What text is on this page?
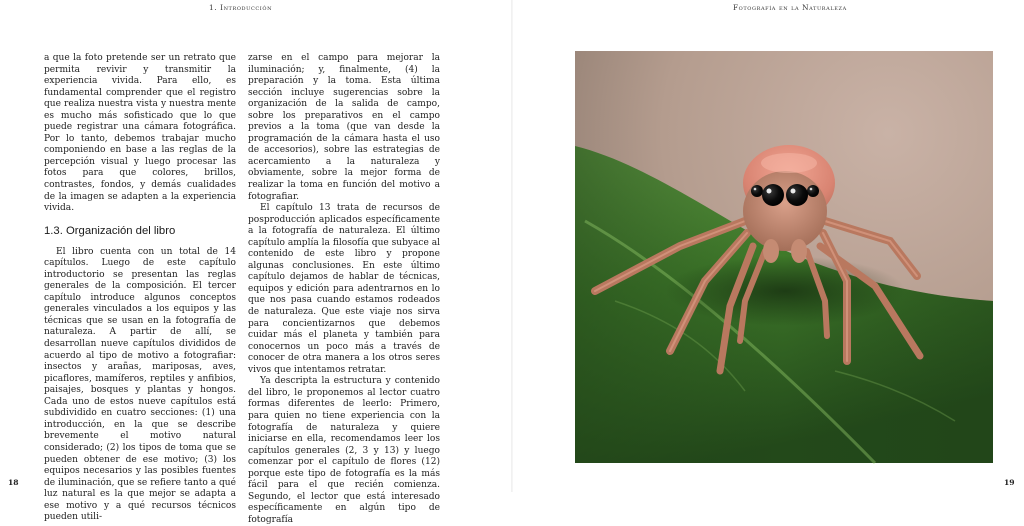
1. Introducción

a que la foto pretende ser un retrato que permita revivir y transmitir la experiencia vivida. Para ello, es fundamental comprender que el registro que realiza nuestra vista y nuestra mente es mucho más sofisticado que lo que puede registrar una cámara fotográfica. Por lo tanto, debemos trabajar mucho componiendo en base a las reglas de la percepción visual y luego procesar las fotos para que colores, brillos, contrastes, fondos, y demás cualidades de la imagen se adapten a la experiencia vivida.

1.3. Organización del libro

El libro cuenta con un total de 14 capítulos. Luego de este capítulo introductorio se presentan las reglas generales de la composición. El tercer capítulo introduce algunos conceptos generales vinculados a los equipos y las técnicas que se usan en la fotografía de naturaleza. A partir de allí, se desarrollan nueve capítulos divididos de acuerdo al tipo de motivo a fotografiar: insectos y arañas, mariposas, aves, picaflores, mamíferos, reptiles y anfibios, paisajes, bosques y plantas y hongos. Cada uno de estos nueve capítulos está subdividido en cuatro secciones: (1) una introducción, en la que se describe brevemente el motivo natural considerado; (2) los tipos de toma que se pueden obtener de ese motivo; (3) los equipos necesarios y las posibles fuentes de iluminación, que se refiere tanto a qué luz natural es la que mejor se adapta a ese motivo y a qué recursos técnicos pueden utili-

zarse en el campo para mejorar la iluminación; y, finalmente, (4) la preparación y la toma. Esta última sección incluye sugerencias sobre la organización de la salida de campo, sobre los preparativos en el campo previos a la toma (que van desde la programación de la cámara hasta el uso de accesorios), sobre las estrategias de acercamiento a la naturaleza y obviamente, sobre la mejor forma de realizar la toma en función del motivo a fotografiar.

El capítulo 13 trata de recursos de posproducción aplicados específicamente a la fotografía de naturaleza. El último capítulo amplía la filosofía que subyace al contenido de este libro y propone algunas conclusiones. En este último capítulo dejamos de hablar de técnicas, equipos y edición para adentrarnos en lo que nos pasa cuando estamos rodeados de naturaleza. Que este viaje nos sirva para concientizarnos que debemos cuidar más el planeta y también para conocernos un poco más a través de conocer de otra manera a los otros seres vivos que intentamos retratar.

Ya descripta la estructura y contenido del libro, le proponemos al lector cuatro formas diferentes de leerlo: Primero, para quien no tiene experiencia con la fotografía de naturaleza y quiere iniciarse en ella, recomendamos leer los capítulos generales (2, 3 y 13) y luego comenzar por el capítulo de flores (12) porque este tipo de fotografía es la más fácil para el que recién comienza. Segundo, el lector que está interesado específicamente en algún tipo de fotografía

18
Fotografía en la Naturaleza
19
